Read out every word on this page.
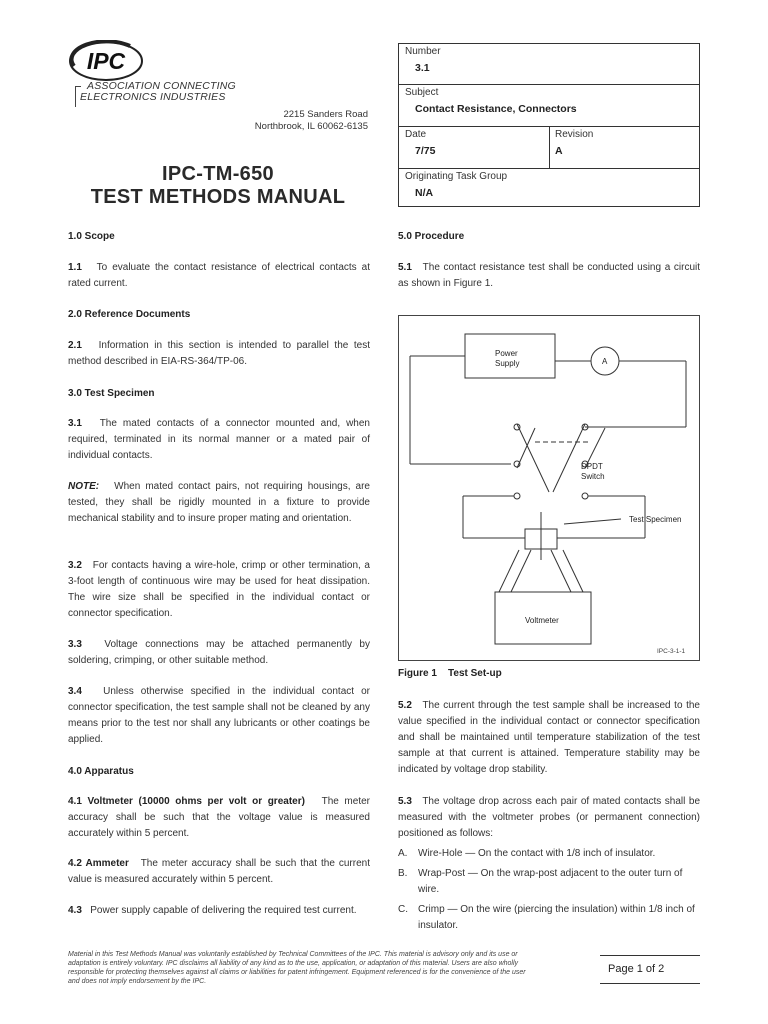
IPC
ASSOCIATION CONNECTING
ELECTRONICS INDUSTRIES
2215 Sanders Road
Northbrook, IL 60062-6135
IPC-TM-650
TEST METHODS MANUAL
Number
3.1
Subject
Contact Resistance, Connectors
Date
7/75
Revision
A
Originating Task Group
N/A
1.0 Scope

1.1 To evaluate the contact resistance of electrical contacts at rated current.

2.0 Reference Documents

2.1 Information in this section is intended to parallel the test method described in EIA-RS-364/TP-06.

3.0 Test Specimen

3.1 The mated contacts of a connector mounted and, when required, terminated in its normal manner or a mated pair of individual contacts.

NOTE: When mated contact pairs, not requiring housings, are tested, they shall be rigidly mounted in a fixture to provide mechanical stability and to insure proper mating and orientation.

3.2 For contacts having a wire-hole, crimp or other termination, a 3-foot length of continuous wire may be used for heat dissipation. The wire size shall be specified in the individual contact or connector specification.

3.3 Voltage connections may be attached permanently by soldering, crimping, or other suitable method.

3.4 Unless otherwise specified in the individual contact or connector specification, the test sample shall not be cleaned by any means prior to the test nor shall any lubricants or other coatings be applied.

4.0 Apparatus

4.1 Voltmeter (10000 ohms per volt or greater) The meter accuracy shall be such that the voltage value is measured accurately within 5 percent.

4.2 Ammeter The meter accuracy shall be such that the current value is measured accurately within 5 percent.

4.3 Power supply capable of delivering the required test current.

5.0 Procedure

5.1 The contact resistance test shall be conducted using a circuit as shown in Figure 1.

Power
Supply	A
DPDT
Switch
Test Specimen
Voltmeter
IPC-3-1-1
Figure 1    Test Set-up

5.2 The current through the test sample shall be increased to the value specified in the individual contact or connector specification and shall be maintained until temperature stabilization of the test sample at that current is attained. Temperature stability may be indicated by voltage drop stability.

5.3 The voltage drop across each pair of mated contacts shall be measured with the voltmeter probes (or permanent connection) positioned as follows:

A. Wire-Hole — On the contact with 1/8 inch of insulator.
B. Wrap-Post — On the wrap-post adjacent to the outer turn of wire.
C. Crimp — On the wire (piercing the insulation) within 1/8 inch of insulator.
Material in this Test Methods Manual was voluntarily established by Technical Committees of the IPC. This material is advisory only and its use or adaptation is entirely voluntary. IPC disclaims all liability of any kind as to the use, application, or adaptation of this material. Users are also wholly responsible for protecting themselves against all claims or liabilities for patent infringement. Equipment referenced is for the convenience of the user and does not imply endorsement by the IPC.
Page 1 of 2
